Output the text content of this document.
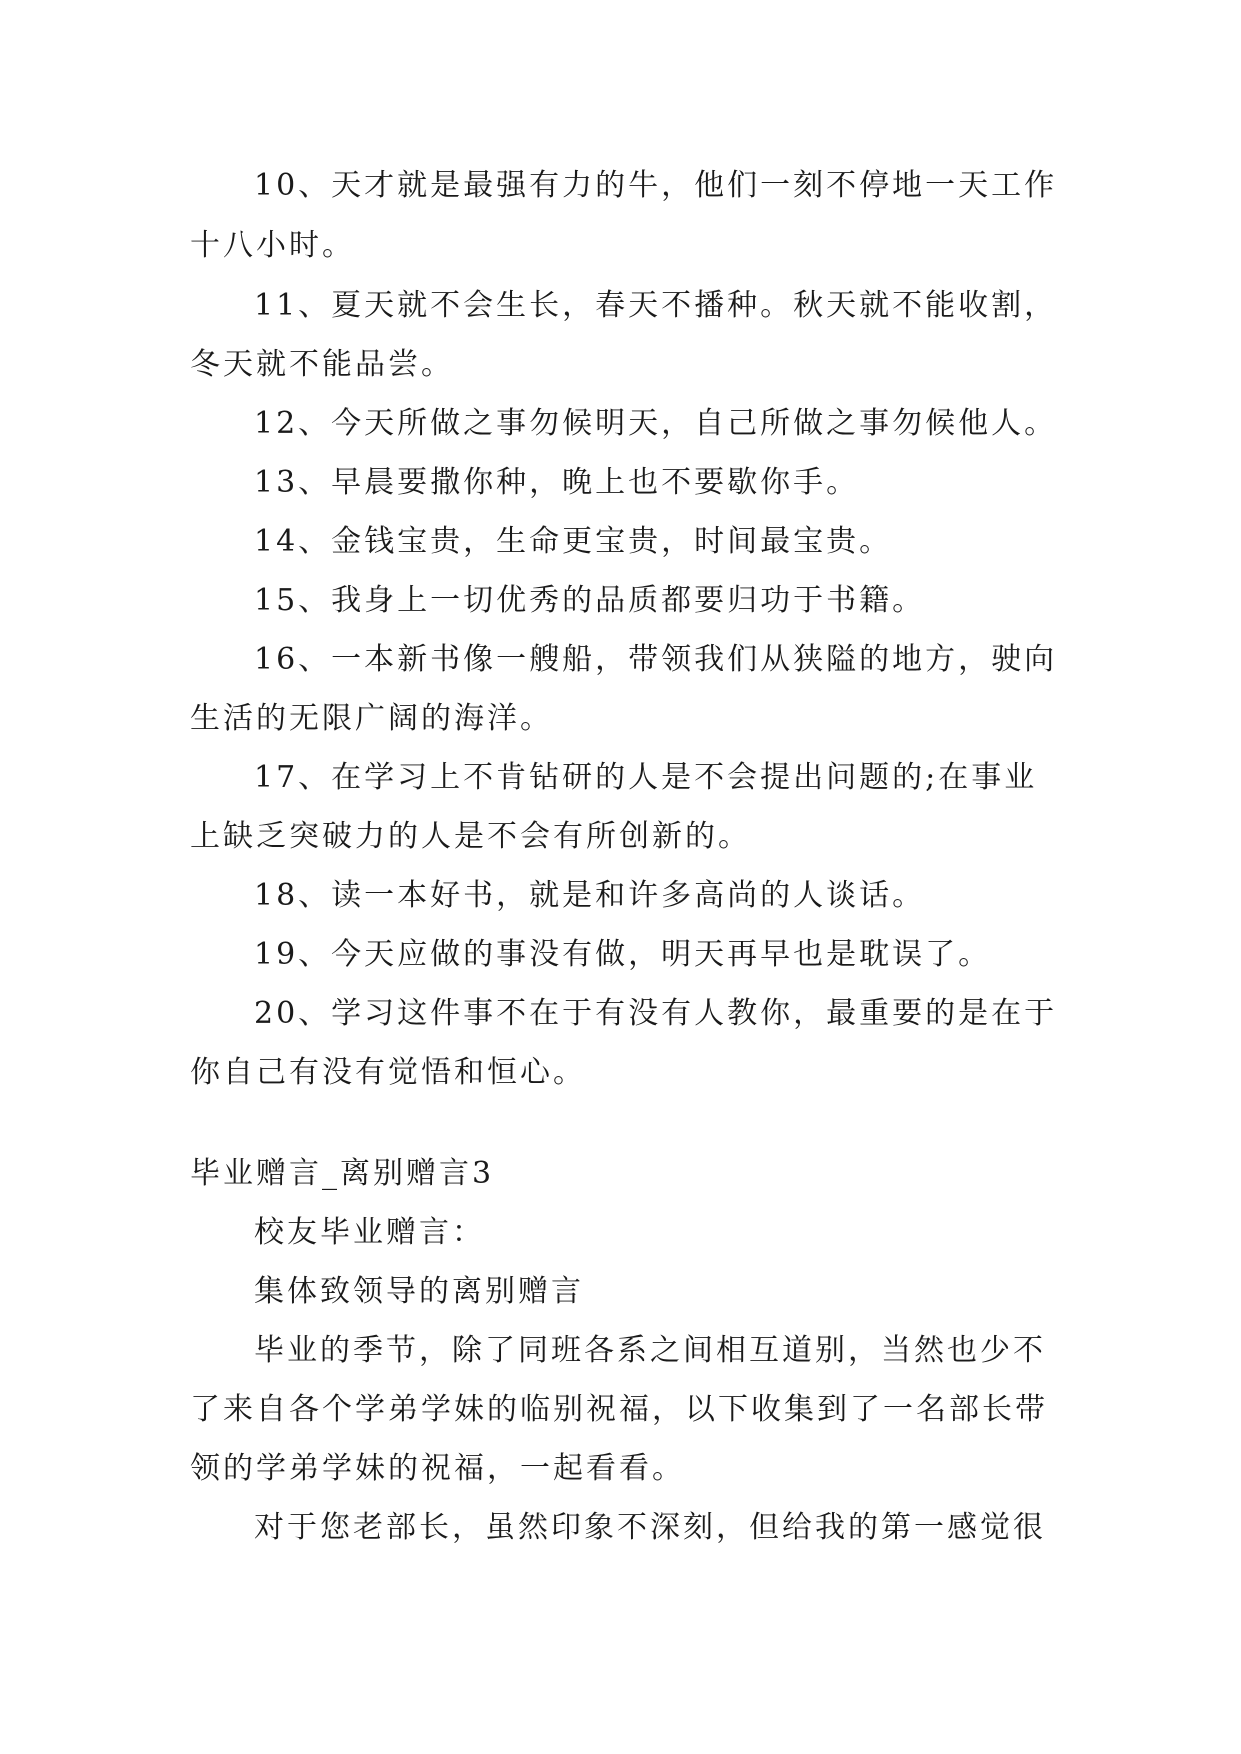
10、天才就是最强有力的牛，他们一刻不停地一天工作
十八小时。
11、夏天就不会生长，春天不播种。秋天就不能收割，
冬天就不能品尝。
12、今天所做之事勿候明天，自己所做之事勿候他人。
13、早晨要撒你种，晚上也不要歇你手。
14、金钱宝贵，生命更宝贵，时间最宝贵。
15、我身上一切优秀的品质都要归功于书籍。
16、一本新书像一艘船，带领我们从狭隘的地方，驶向
生活的无限广阔的海洋。
17、在学习上不肯钻研的人是不会提出问题的;在事业
上缺乏突破力的人是不会有所创新的。
18、读一本好书，就是和许多高尚的人谈话。
19、今天应做的事没有做，明天再早也是耽误了。
20、学习这件事不在于有没有人教你，最重要的是在于
你自己有没有觉悟和恒心。
毕业赠言_离别赠言3
校友毕业赠言：
集体致领导的离别赠言
毕业的季节，除了同班各系之间相互道别，当然也少不
了来自各个学弟学妹的临别祝福，以下收集到了一名部长带
领的学弟学妹的祝福，一起看看。
对于您老部长，虽然印象不深刻，但给我的第一感觉很
